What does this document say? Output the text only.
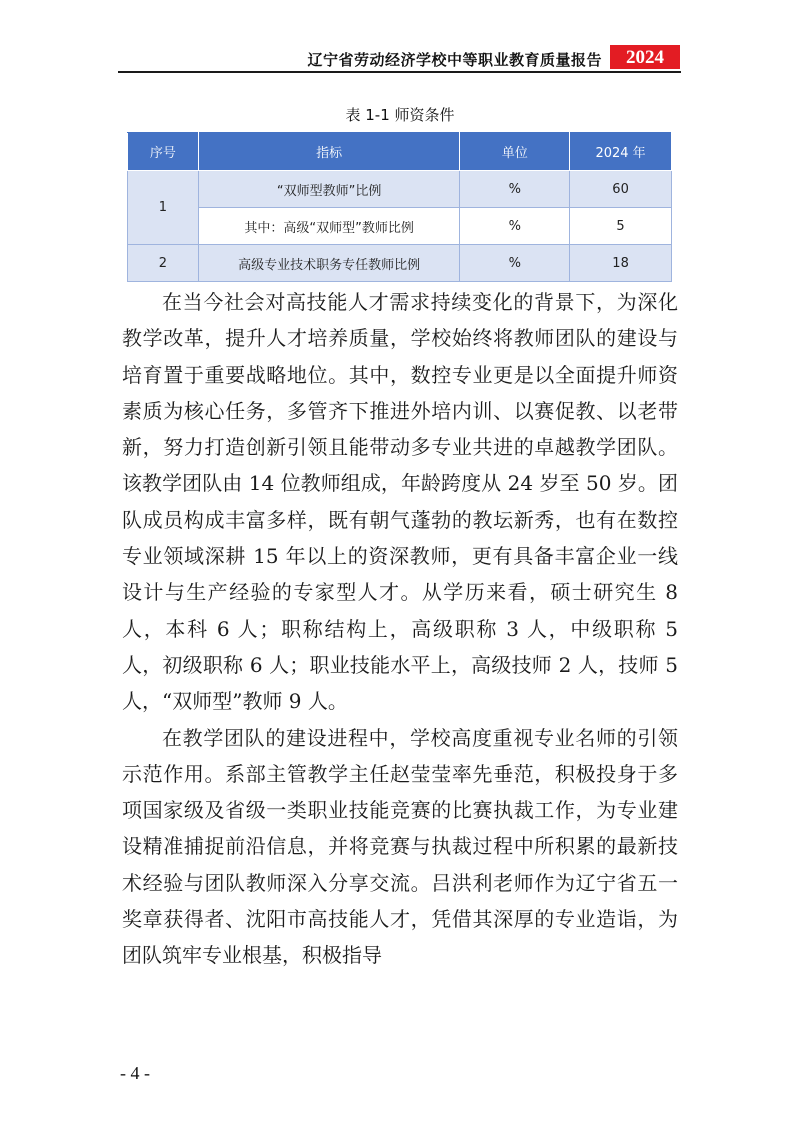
辽宁省劳动经济学校中等职业教育质量报告	2024
表 1-1 师资条件
序号	指标	单位	2024 年
1	“双师型教师”比例	%	60
	其中：高级“双师型”教师比例	%	5
2	高级专业技术职务专任教师比例	%	18

在当今社会对高技能人才需求持续变化的背景下，为深化教学改革，提升人才培养质量，学校始终将教师团队的建设与培育置于重要战略地位。其中，数控专业更是以全面提升师资素质为核心任务，多管齐下推进外培内训、以赛促教、以老带新，努力打造创新引领且能带动多专业共进的卓越教学团队。该教学团队由 14 位教师组成，年龄跨度从 24 岁至 50 岁。团队成员构成丰富多样，既有朝气蓬勃的教坛新秀，也有在数控专业领域深耕 15 年以上的资深教师，更有具备丰富企业一线设计与生产经验的专家型人才。从学历来看，硕士研究生 8 人，本科 6 人；职称结构上，高级职称 3 人，中级职称 5 人，初级职称 6 人；职业技能水平上，高级技师 2 人，技师 5 人，“双师型”教师 9 人。

在教学团队的建设进程中，学校高度重视专业名师的引领示范作用。系部主管教学主任赵莹莹率先垂范，积极投身于多项国家级及省级一类职业技能竞赛的比赛执裁工作，为专业建设精准捕捉前沿信息，并将竞赛与执裁过程中所积累的最新技术经验与团队教师深入分享交流。吕洪利老师作为辽宁省五一奖章获得者、沈阳市高技能人才，凭借其深厚的专业造诣，为团队筑牢专业根基，积极指导

- 4 -
